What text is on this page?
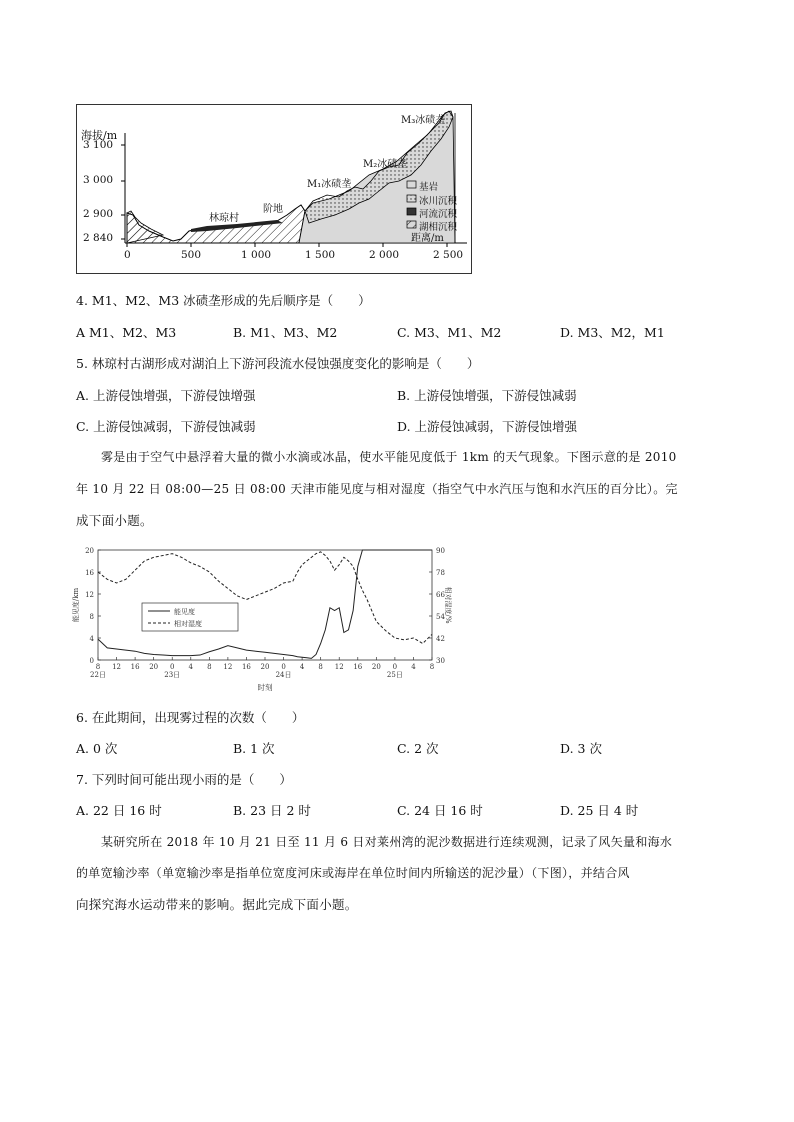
海拔/m
3 100
3 000
2 900
2 840
0	500	1 000	1 500	2 000	2 500
距离/m
M₃冰碛垄
M₂冰碛垄
M₁冰碛垄
阶地
林琼村
基岩
冰川沉积
河流沉积
湖相沉积
4. M1、M2、M3 冰碛垄形成的先后顺序是（　　）
A M1、M2、M3	B. M1、M3、M2	C. M3、M1、M2	D. M3、M2，M1
5. 林琼村古湖形成对湖泊上下游河段流水侵蚀强度变化的影响是（　　）
A. 上游侵蚀增强，下游侵蚀增强	B. 上游侵蚀增强，下游侵蚀减弱
C. 上游侵蚀减弱，下游侵蚀减弱	D. 上游侵蚀减弱，下游侵蚀增强
雾是由于空气中悬浮着大量的微小水滴或冰晶，使水平能见度低于 1km 的天气现象。下图示意的是 2010
年 10 月 22 日 08:00—25 日 08:00 天津市能见度与相对湿度（指空气中水汽压与饱和水汽压的百分比）。完
成下面小题。
0
4
8
12
16
20
30
42
54
66
78
90
8 12 16 20 0 4 8 12 16 20 0 4 8 12 16 20 0 4 8
22日	23日	24日	25日
时刻
能见度/km	相对湿度/%
能见度
相对湿度
6. 在此期间，出现雾过程的次数（　　）
A. 0 次	B. 1 次	C. 2 次	D. 3 次
7. 下列时间可能出现小雨的是（　　）
A. 22 日 16 时	B. 23 日 2 时	C. 24 日 16 时	D. 25 日 4 时
某研究所在 2018 年 10 月 21 日至 11 月 6 日对莱州湾的泥沙数据进行连续观测，记录了风矢量和海水
的单宽输沙率（单宽输沙率是指单位宽度河床或海岸在单位时间内所输送的泥沙量）（下图），并结合风
向探究海水运动带来的影响。据此完成下面小题。
